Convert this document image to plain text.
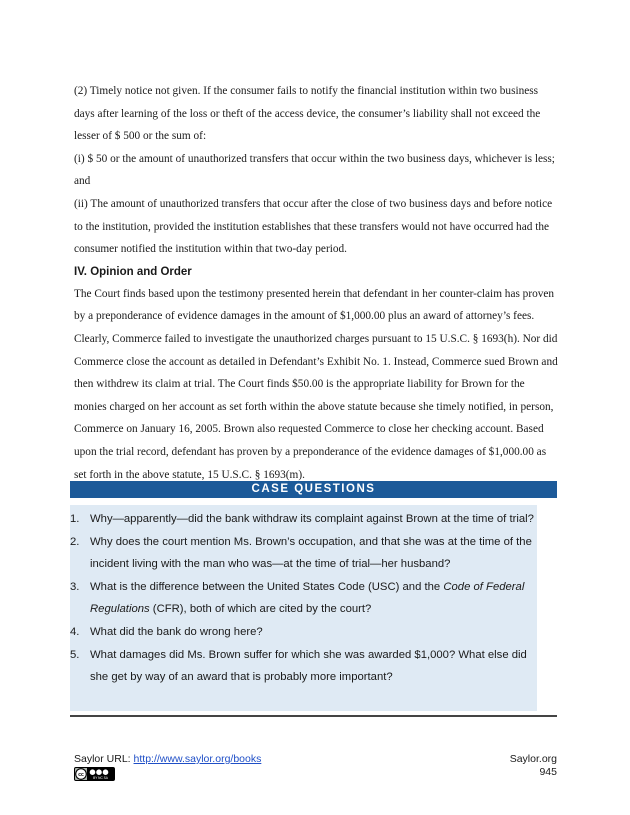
(2) Timely notice not given. If the consumer fails to notify the financial institution within two business days after learning of the loss or theft of the access device, the consumer’s liability shall not exceed the lesser of $ 500 or the sum of:

(i) $ 50 or the amount of unauthorized transfers that occur within the two business days, whichever is less; and

(ii) The amount of unauthorized transfers that occur after the close of two business days and before notice to the institution, provided the institution establishes that these transfers would not have occurred had the consumer notified the institution within that two-day period.

IV. Opinion and Order

The Court finds based upon the testimony presented herein that defendant in her counter-claim has proven by a preponderance of evidence damages in the amount of $1,000.00 plus an award of attorney’s fees. Clearly, Commerce failed to investigate the unauthorized charges pursuant to 15 U.S.C. § 1693(h). Nor did Commerce close the account as detailed in Defendant’s Exhibit No. 1. Instead, Commerce sued Brown and then withdrew its claim at trial. The Court finds $50.00 is the appropriate liability for Brown for the monies charged on her account as set forth within the above statute because she timely notified, in person, Commerce on January 16, 2005. Brown also requested Commerce to close her checking account. Based upon the trial record, defendant has proven by a preponderance of the evidence damages of $1,000.00 as set forth in the above statute, 15 U.S.C. § 1693(m).

CASE QUESTIONS
1. Why—apparently—did the bank withdraw its complaint against Brown at the time of trial?
2. Why does the court mention Ms. Brown’s occupation, and that she was at the time of the incident living with the man who was—at the time of trial—her husband?
3. What is the difference between the United States Code (USC) and the Code of Federal Regulations (CFR), both of which are cited by the court?
4. What did the bank do wrong here?
5. What damages did Ms. Brown suffer for which she was awarded $1,000? What else did she get by way of an award that is probably more important?
Saylor URL: http://www.saylor.org/books
cc
BY NC SA
Saylor.org
945
